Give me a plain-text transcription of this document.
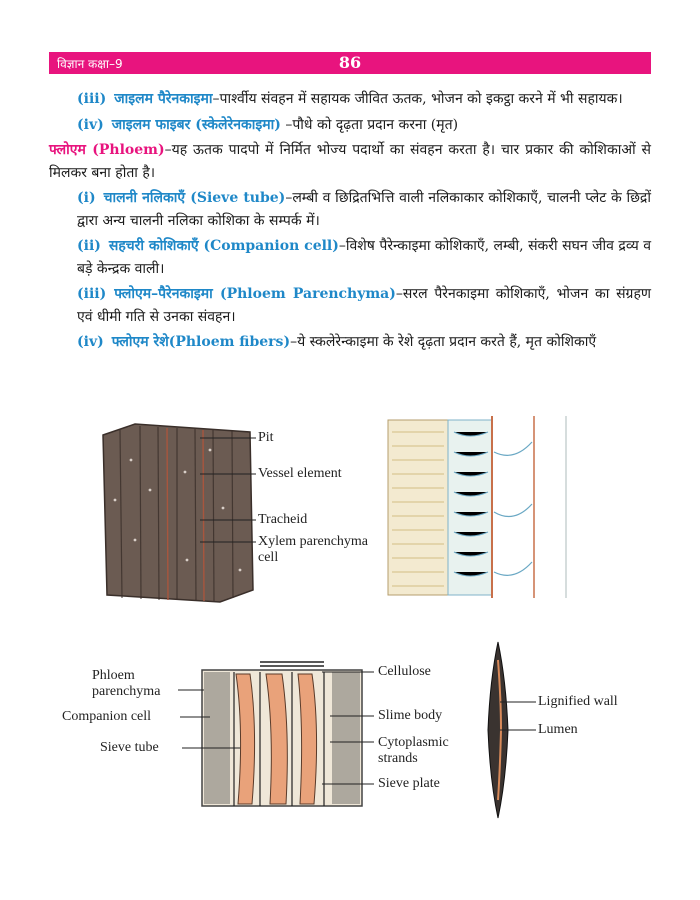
विज्ञान कक्षा–9	86

(iii) जाइलम पैरेनकाइमा–पार्श्वीय संवहन में सहायक जीवित ऊतक, भोजन को इकट्ठा करने में भी सहायक।

(iv) जाइलम फाइबर (स्केलेरेनकाइमा) –पौधे को दृढ़ता प्रदान करना (मृत)

फ्लोएम (Phloem)–यह ऊतक पादपो में निर्मित भोज्य पदार्थो का संवहन करता है। चार प्रकार की कोशिकाओं से मिलकर बना होता है।

(i) चालनी नलिकाएँ (Sieve tube)–लम्बी व छिद्रितभित्ति वाली नलिकाकार कोशिकाएँ, चालनी प्लेट के छिद्रों द्वारा अन्य चालनी नलिका कोशिका के सम्पर्क में।

(ii) सहचरी कोशिकाएँ (Companion cell)–विशेष पैरेन्काइमा कोशिकाएँ, लम्बी, संकरी सघन जीव द्रव्य व बड़े केन्द्रक वाली।

(iii) फ्लोएम–पैरेनकाइमा (Phloem Parenchyma)–सरल पैरेनकाइमा कोशिकाएँ, भोजन का संग्रहण एवं धीमी गति से उनका संवहन।

(iv) फ्लोएम रेशे(Phloem fibers)–ये स्कलेरेन्काइमा के रेशे दृढ़ता प्रदान करते हैं, मृत कोशिकाएँ

Pit
Vessel element
Tracheid
Xylem parenchyma cell
Phloem parenchyma
Companion cell
Sieve tube
Cellulose
Slime body
Cytoplasmic strands
Sieve plate
Lignified wall
Lumen
